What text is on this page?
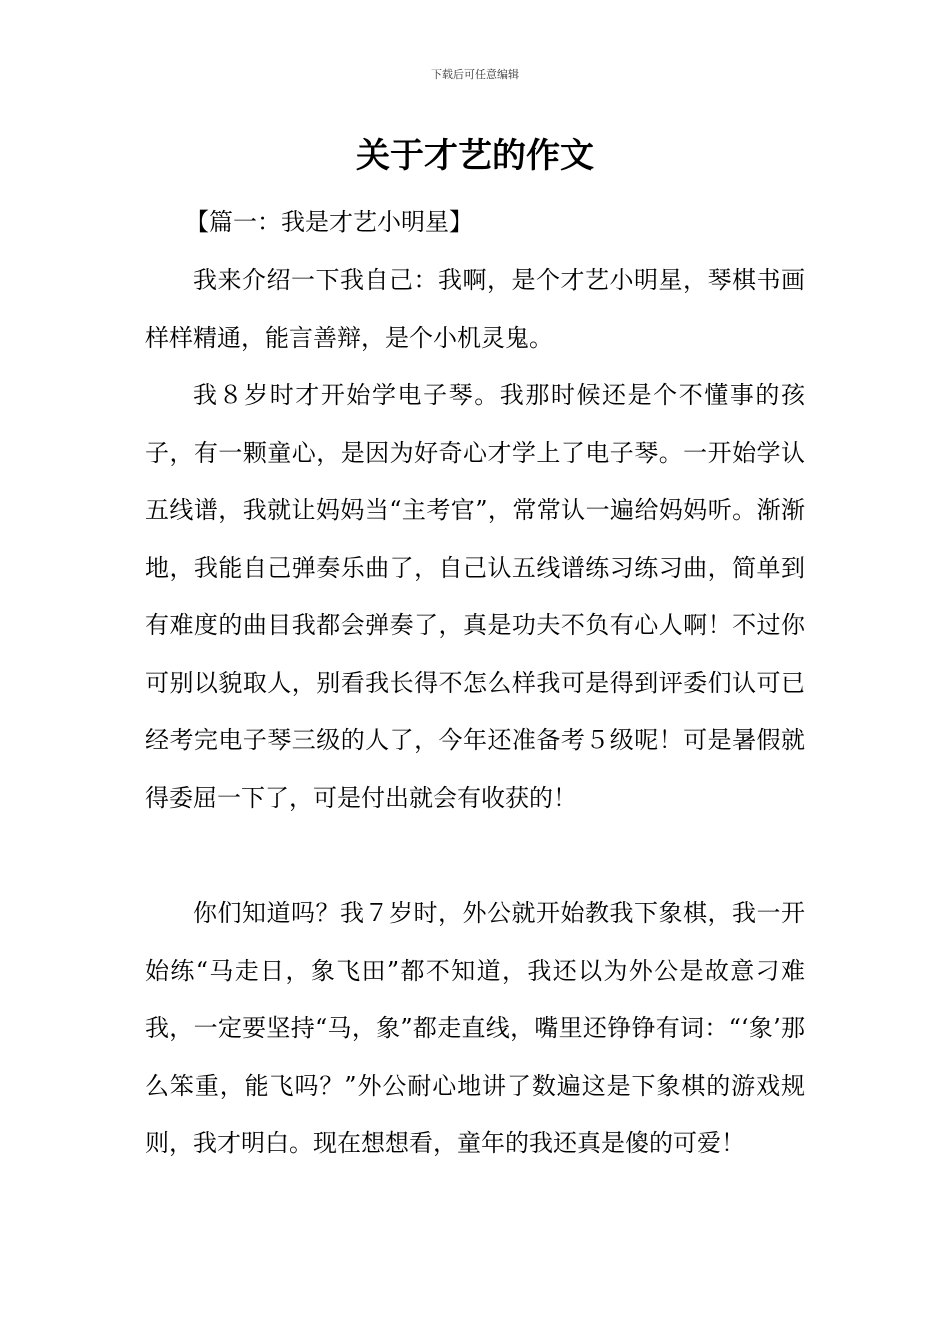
下载后可任意编辑
关于才艺的作文
【篇一：我是才艺小明星】

我来介绍一下我自己：我啊，是个才艺小明星，琴棋书画样样精通，能言善辩，是个小机灵鬼。

我８岁时才开始学电子琴。我那时候还是个不懂事的孩子，有一颗童心，是因为好奇心才学上了电子琴。一开始学认五线谱，我就让妈妈当“主考官”，常常认一遍给妈妈听。渐渐地，我能自己弹奏乐曲了，自己认五线谱练习练习曲，简单到有难度的曲目我都会弹奏了，真是功夫不负有心人啊！不过你可别以貌取人，别看我长得不怎么样我可是得到评委们认可已经考完电子琴三级的人了，今年还准备考５级呢！可是暑假就得委屈一下了，可是付出就会有收获的！

你们知道吗？我７岁时，外公就开始教我下象棋，我一开始练“马走日，象飞田”都不知道，我还以为外公是故意刁难我，一定要坚持“马，象”都走直线，嘴里还铮铮有词：“‘象’那么笨重，能飞吗？”外公耐心地讲了数遍这是下象棋的游戏规则，我才明白。现在想想看，童年的我还真是傻的可爱！
